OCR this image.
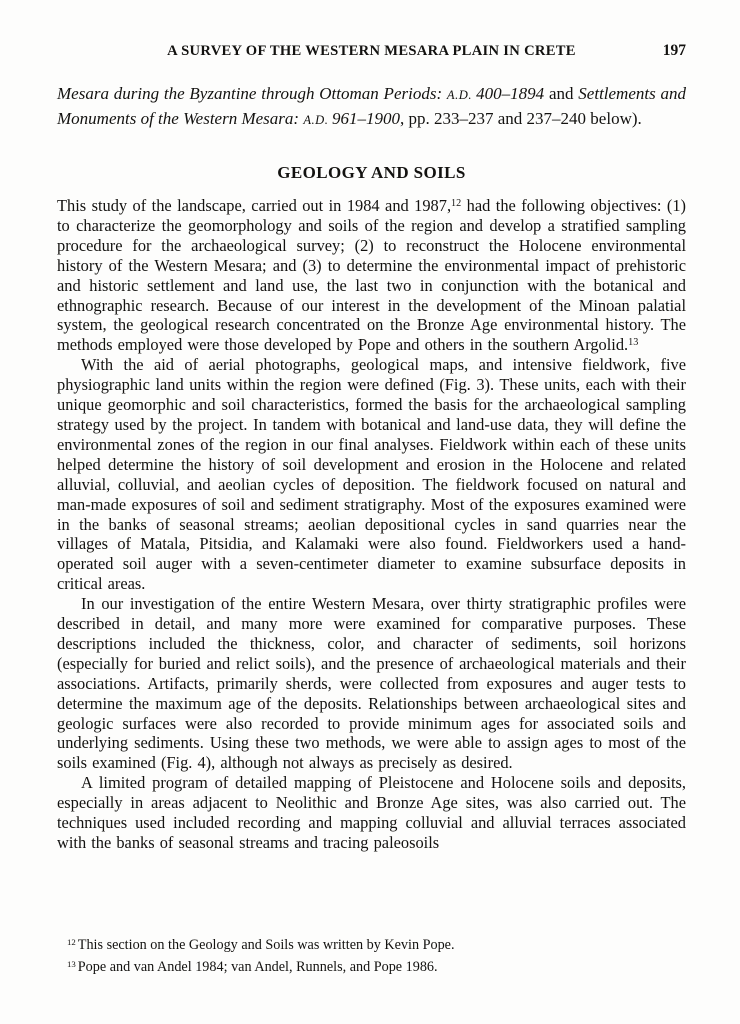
A SURVEY OF THE WESTERN MESARA PLAIN IN CRETE	197

Mesara during the Byzantine through Ottoman Periods: A.D. 400–1894 and Settlements and Monuments of the Western Mesara: A.D. 961–1900, pp. 233–237 and 237–240 below).

GEOLOGY AND SOILS

This study of the landscape, carried out in 1984 and 1987,12 had the following objectives: (1) to characterize the geomorphology and soils of the region and develop a stratified sampling procedure for the archaeological survey; (2) to reconstruct the Holocene environmental history of the Western Mesara; and (3) to determine the environmental impact of prehistoric and historic settlement and land use, the last two in conjunction with the botanical and ethnographic research. Because of our interest in the development of the Minoan palatial system, the geological research concentrated on the Bronze Age environmental history. The methods employed were those developed by Pope and others in the southern Argolid.$^{13}$

With the aid of aerial photographs, geological maps, and intensive fieldwork, five physiographic land units within the region were defined (Fig. 3). These units, each with their unique geomorphic and soil characteristics, formed the basis for the archaeological sampling strategy used by the project. In tandem with botanical and land-use data, they will define the environmental zones of the region in our final analyses. Fieldwork within each of these units helped determine the history of soil development and erosion in the Holocene and related alluvial, colluvial, and aeolian cycles of deposition. The fieldwork focused on natural and man-made exposures of soil and sediment stratigraphy. Most of the exposures examined were in the banks of seasonal streams; aeolian depositional cycles in sand quarries near the villages of Matala, Pitsidia, and Kalamaki were also found. Fieldworkers used a hand-operated soil auger with a seven-centimeter diameter to examine subsurface deposits in critical areas.

In our investigation of the entire Western Mesara, over thirty stratigraphic profiles were described in detail, and many more were examined for comparative purposes. These descriptions included the thickness, color, and character of sediments, soil horizons (especially for buried and relict soils), and the presence of archaeological materials and their associations. Artifacts, primarily sherds, were collected from exposures and auger tests to determine the maximum age of the deposits. Relationships between archaeological sites and geologic surfaces were also recorded to provide minimum ages for associated soils and underlying sediments. Using these two methods, we were able to assign ages to most of the soils examined (Fig. 4), although not always as precisely as desired.

A limited program of detailed mapping of Pleistocene and Holocene soils and deposits, especially in areas adjacent to Neolithic and Bronze Age sites, was also carried out. The techniques used included recording and mapping colluvial and alluvial terraces associated with the banks of seasonal streams and tracing paleosoils

$^{12}$ This section on the Geology and Soils was written by Kevin Pope.

$^{13}$ Pope and van Andel 1984; van Andel, Runnels, and Pope 1986.
